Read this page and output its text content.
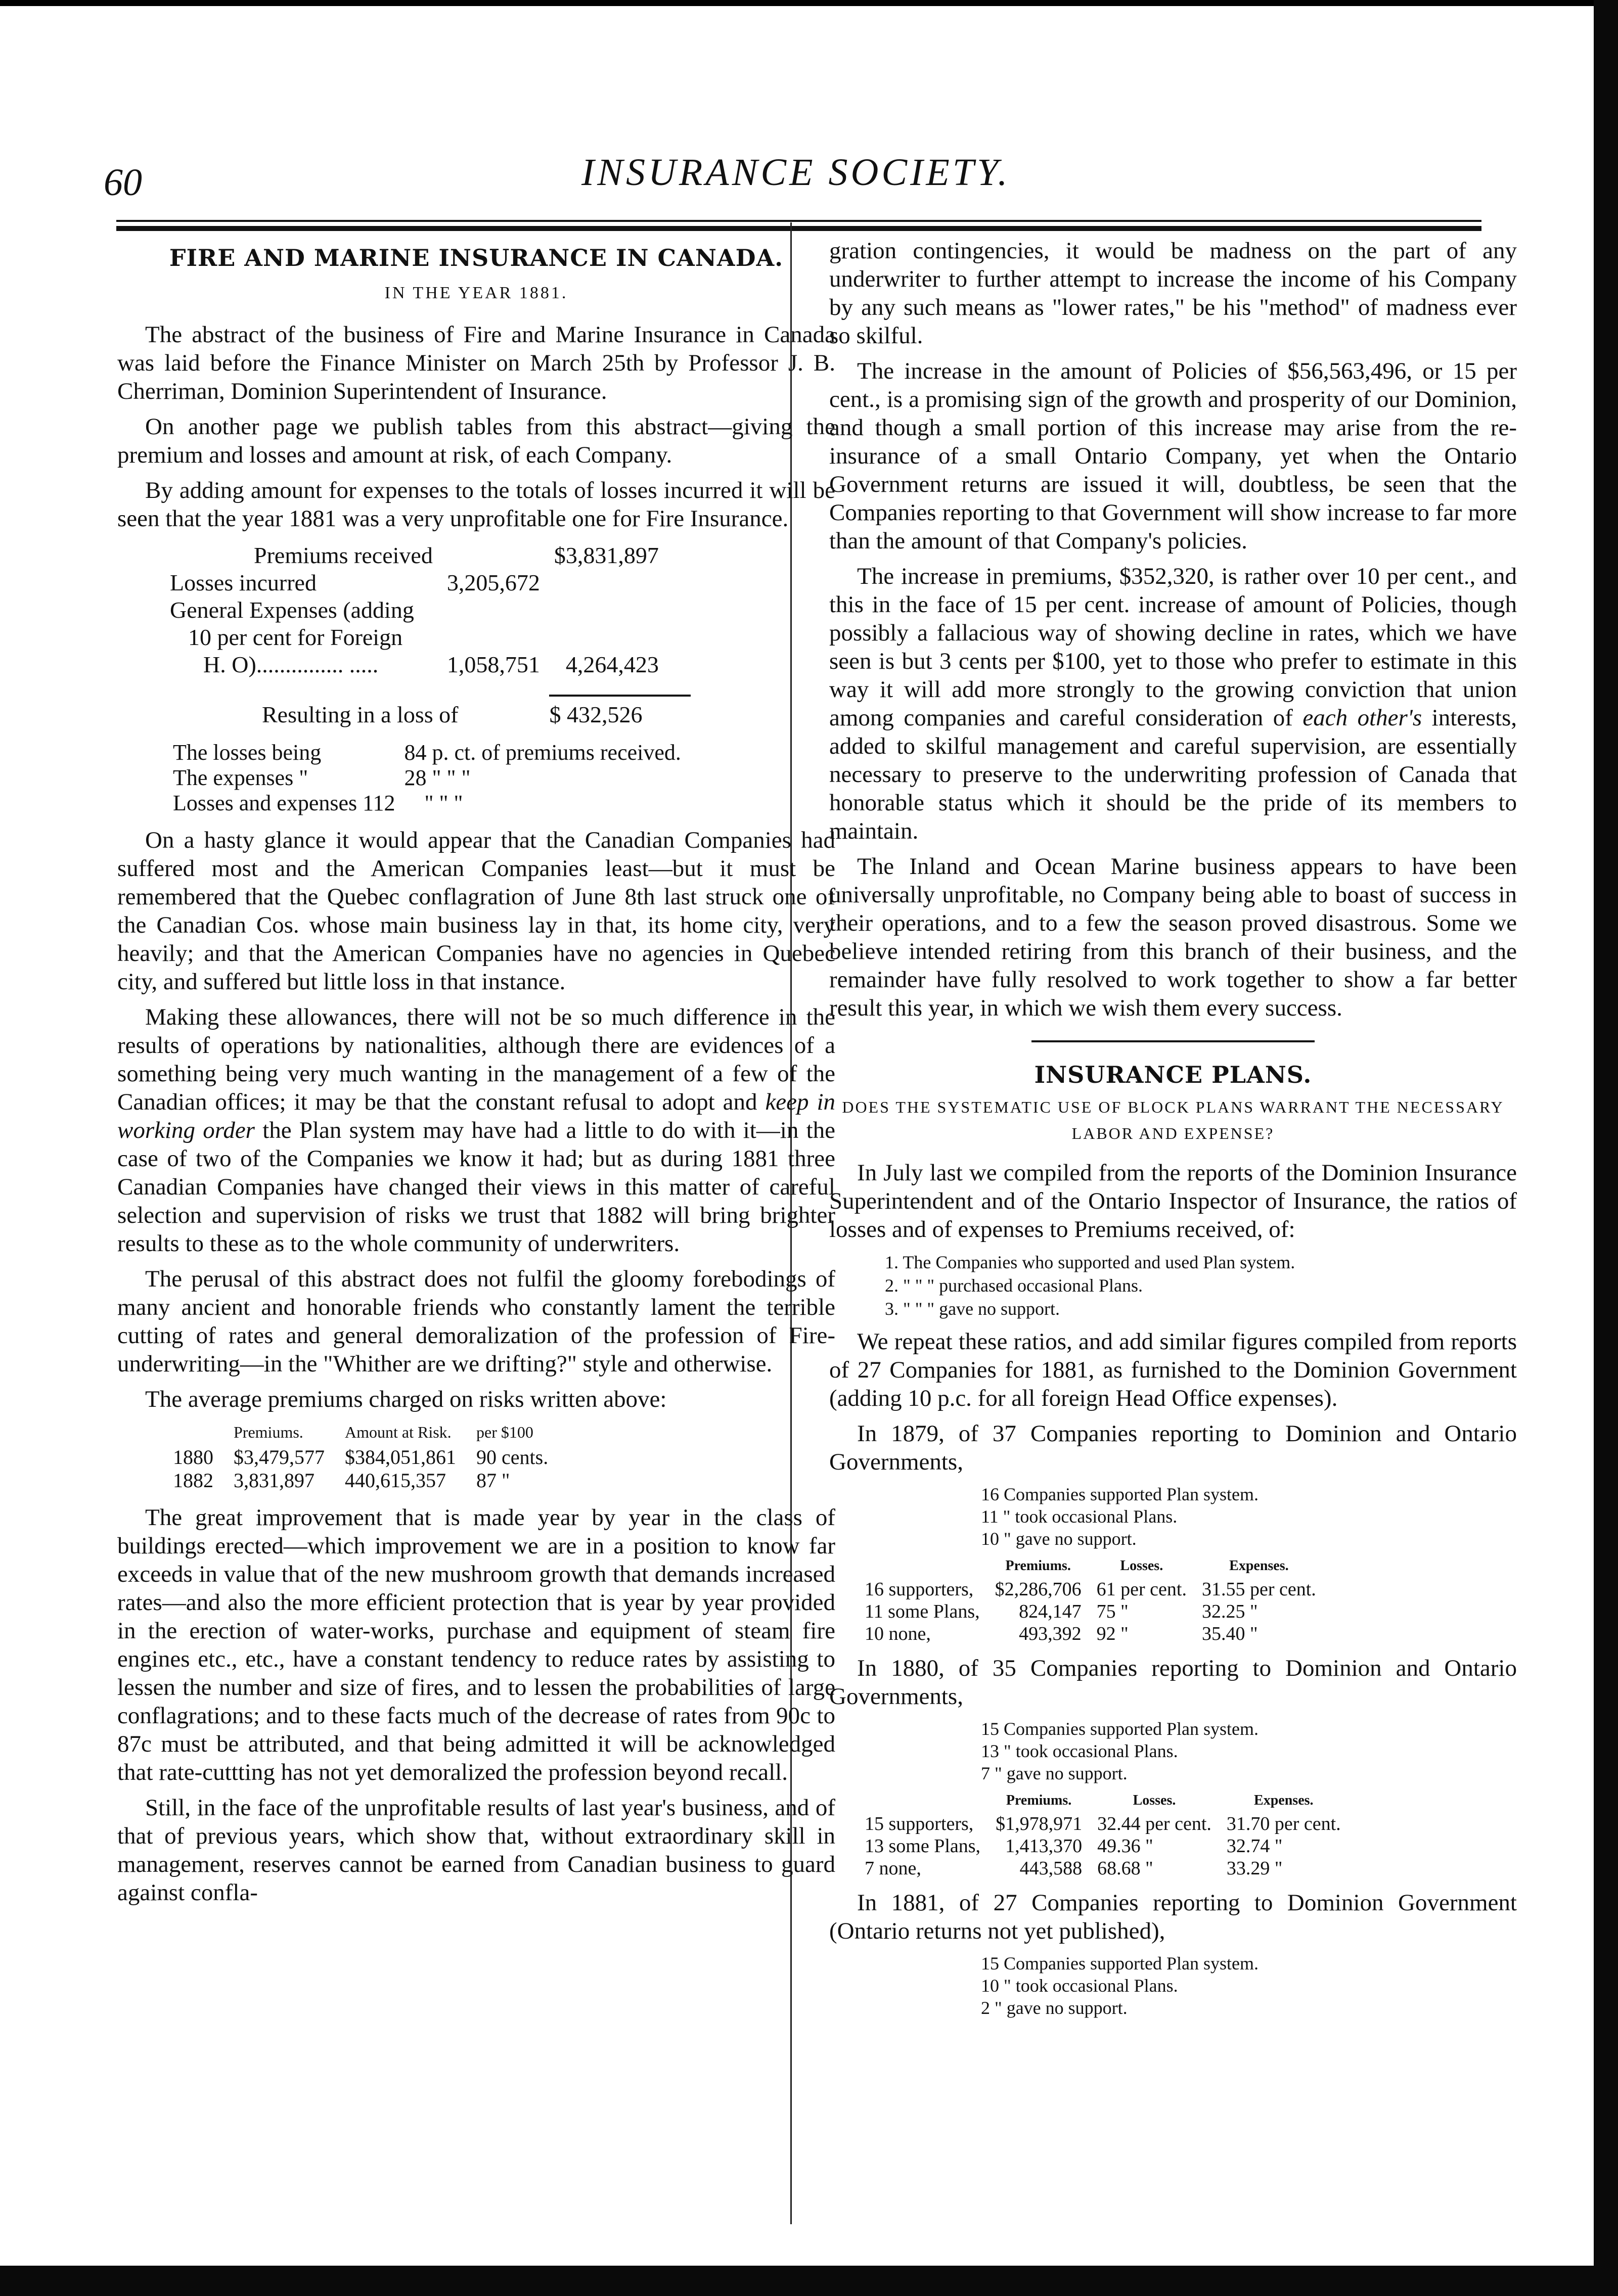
60	INSURANCE SOCIETY.
FIRE AND MARINE INSURANCE IN CANADA.
IN THE YEAR 1881.

The abstract of the business of Fire and Marine Insurance in Canada was laid before the Finance Minister on March 25th by Professor J. B. Cherriman, Dominion Superintendent of Insurance.

On another page we publish tables from this abstract—giving the premium and losses and amount at risk, of each Company.

By adding amount for expenses to the totals of losses incurred it will be seen that the year 1881 was a very unprofitable one for Fire Insurance.

Premiums received		$3,831,897
Losses incurred	3,205,672	
General Expenses (adding		
10 per cent for Foreign		
H. O)............... .....	1,058,751	4,264,423
Resulting in a loss of	$ 432,526
The losses being	84 p. ct. of premiums received.
The expenses "	28 " " "
Losses and expenses 112	" " "

On a hasty glance it would appear that the Canadian Companies had suffered most and the American Companies least—but it must be remembered that the Quebec conflagration of June 8th last struck one of the Canadian Cos. whose main business lay in that, its home city, very heavily; and that the American Companies have no agencies in Quebec city, and suffered but little loss in that instance.

Making these allowances, there will not be so much difference in the results of operations by nationalities, although there are evidences of a something being very much wanting in the management of a few of the Canadian offices; it may be that the constant refusal to adopt and keep in working order the Plan system may have had a little to do with it—in the case of two of the Companies we know it had; but as during 1881 three Canadian Companies have changed their views in this matter of careful selection and supervision of risks we trust that 1882 will bring brighter results to these as to the whole community of underwriters.

The perusal of this abstract does not fulfil the gloomy forebodings of many ancient and honorable friends who constantly lament the terrible cutting of rates and general demoralization of the profession of Fire-underwriting—in the "Whither are we drifting?" style and otherwise.

The average premiums charged on risks written above:

	Premiums.	Amount at Risk.	per $100
1880	$3,479,577	$384,051,861	90 cents.
1882	3,831,897	440,615,357	87 "

The great improvement that is made year by year in the class of buildings erected—which improvement we are in a position to know far exceeds in value that of the new mushroom growth that demands increased rates—and also the more efficient protection that is year by year provided in the erection of water-works, purchase and equipment of steam fire engines etc., etc., have a constant tendency to reduce rates by assisting to lessen the number and size of fires, and to lessen the probabilities of large conflagrations; and to these facts much of the decrease of rates from 90c to 87c must be attributed, and that being admitted it will be acknowledged that rate-cuttting has not yet demoralized the profession beyond recall.

Still, in the face of the unprofitable results of last year's business, and of that of previous years, which show that, without extraordinary skill in management, reserves cannot be earned from Canadian business to guard against confla-

gration contingencies, it would be madness on the part of any underwriter to further attempt to increase the income of his Company by any such means as "lower rates," be his "method" of madness ever so skilful.

The increase in the amount of Policies of $56,563,496, or 15 per cent., is a promising sign of the growth and prosperity of our Dominion, and though a small portion of this increase may arise from the re-insurance of a small Ontario Company, yet when the Ontario Government returns are issued it will, doubtless, be seen that the Companies reporting to that Government will show increase to far more than the amount of that Company's policies.

The increase in premiums, $352,320, is rather over 10 per cent., and this in the face of 15 per cent. increase of amount of Policies, though possibly a fallacious way of showing decline in rates, which we have seen is but 3 cents per $100, yet to those who prefer to estimate in this way it will add more strongly to the growing conviction that union among companies and careful consideration of each other's interests, added to skilful management and careful supervision, are essentially necessary to preserve to the underwriting profession of Canada that honorable status which it should be the pride of its members to maintain.

The Inland and Ocean Marine business appears to have been universally unprofitable, no Company being able to boast of success in their operations, and to a few the season proved disastrous. Some we believe intended retiring from this branch of their business, and the remainder have fully resolved to work together to show a far better result this year, in which we wish them every success.

INSURANCE PLANS.
DOES THE SYSTEMATIC USE OF BLOCK PLANS WARRANT THE NECESSARY LABOR AND EXPENSE?

In July last we compiled from the reports of the Dominion Insurance Superintendent and of the Ontario Inspector of Insurance, the ratios of losses and of expenses to Premiums received, of:

1. The Companies who supported and used Plan system.
2. " " " purchased occasional Plans.
3. " " " gave no support.

We repeat these ratios, and add similar figures compiled from reports of 27 Companies for 1881, as furnished to the Dominion Government (adding 10 p.c. for all foreign Head Office expenses).

In 1879, of 37 Companies reporting to Dominion and Ontario Governments,

16 Companies supported Plan system.
11 " took occasional Plans.
10 " gave no support.
	Premiums.	Losses.	Expenses.
16 supporters,	$2,286,706	61 per cent.	31.55 per cent.
11 some Plans,	824,147	75 "	32.25 "
10 none,	493,392	92 "	35.40 "

In 1880, of 35 Companies reporting to Dominion and Ontario Governments,

15 Companies supported Plan system.
13 " took occasional Plans.
7 " gave no support.
	Premiums.	Losses.	Expenses.
15 supporters,	$1,978,971	32.44 per cent.	31.70 per cent.
13 some Plans,	1,413,370	49.36 "	32.74 "
7 none,	443,588	68.68 "	33.29 "

In 1881, of 27 Companies reporting to Dominion Government (Ontario returns not yet published),

15 Companies supported Plan system.
10 " took occasional Plans.
2 " gave no support.
